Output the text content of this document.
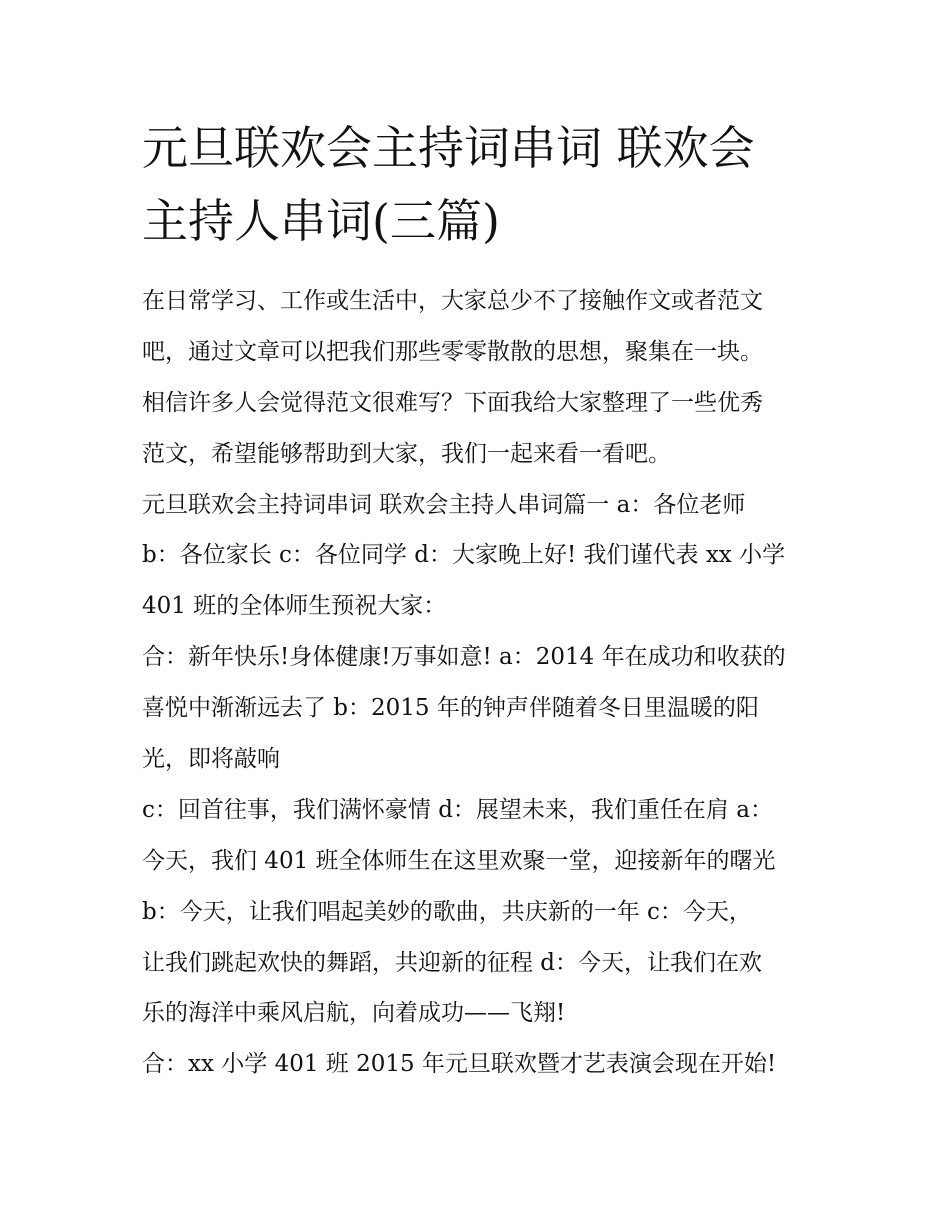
元旦联欢会主持词串词 联欢会
主持人串词(三篇)
在日常学习、工作或生活中，大家总少不了接触作文或者范文
吧，通过文章可以把我们那些零零散散的思想，聚集在一块。
相信许多人会觉得范文很难写？下面我给大家整理了一些优秀
范文，希望能够帮助到大家，我们一起来看一看吧。
元旦联欢会主持词串词 联欢会主持人串词篇一 a：各位老师
b：各位家长 c：各位同学 d：大家晚上好! 我们谨代表 xx 小学
401 班的全体师生预祝大家：
合：新年快乐!身体健康!万事如意! a：2014 年在成功和收获的
喜悦中渐渐远去了 b：2015 年的钟声伴随着冬日里温暖的阳
光，即将敲响
c：回首往事，我们满怀豪情 d：展望未来，我们重任在肩 a：
今天，我们 401 班全体师生在这里欢聚一堂，迎接新年的曙光
b：今天，让我们唱起美妙的歌曲，共庆新的一年 c：今天，
让我们跳起欢快的舞蹈，共迎新的征程 d：今天，让我们在欢
乐的海洋中乘风启航，向着成功——飞翔!
合：xx 小学 401 班 2015 年元旦联欢暨才艺表演会现在开始!
